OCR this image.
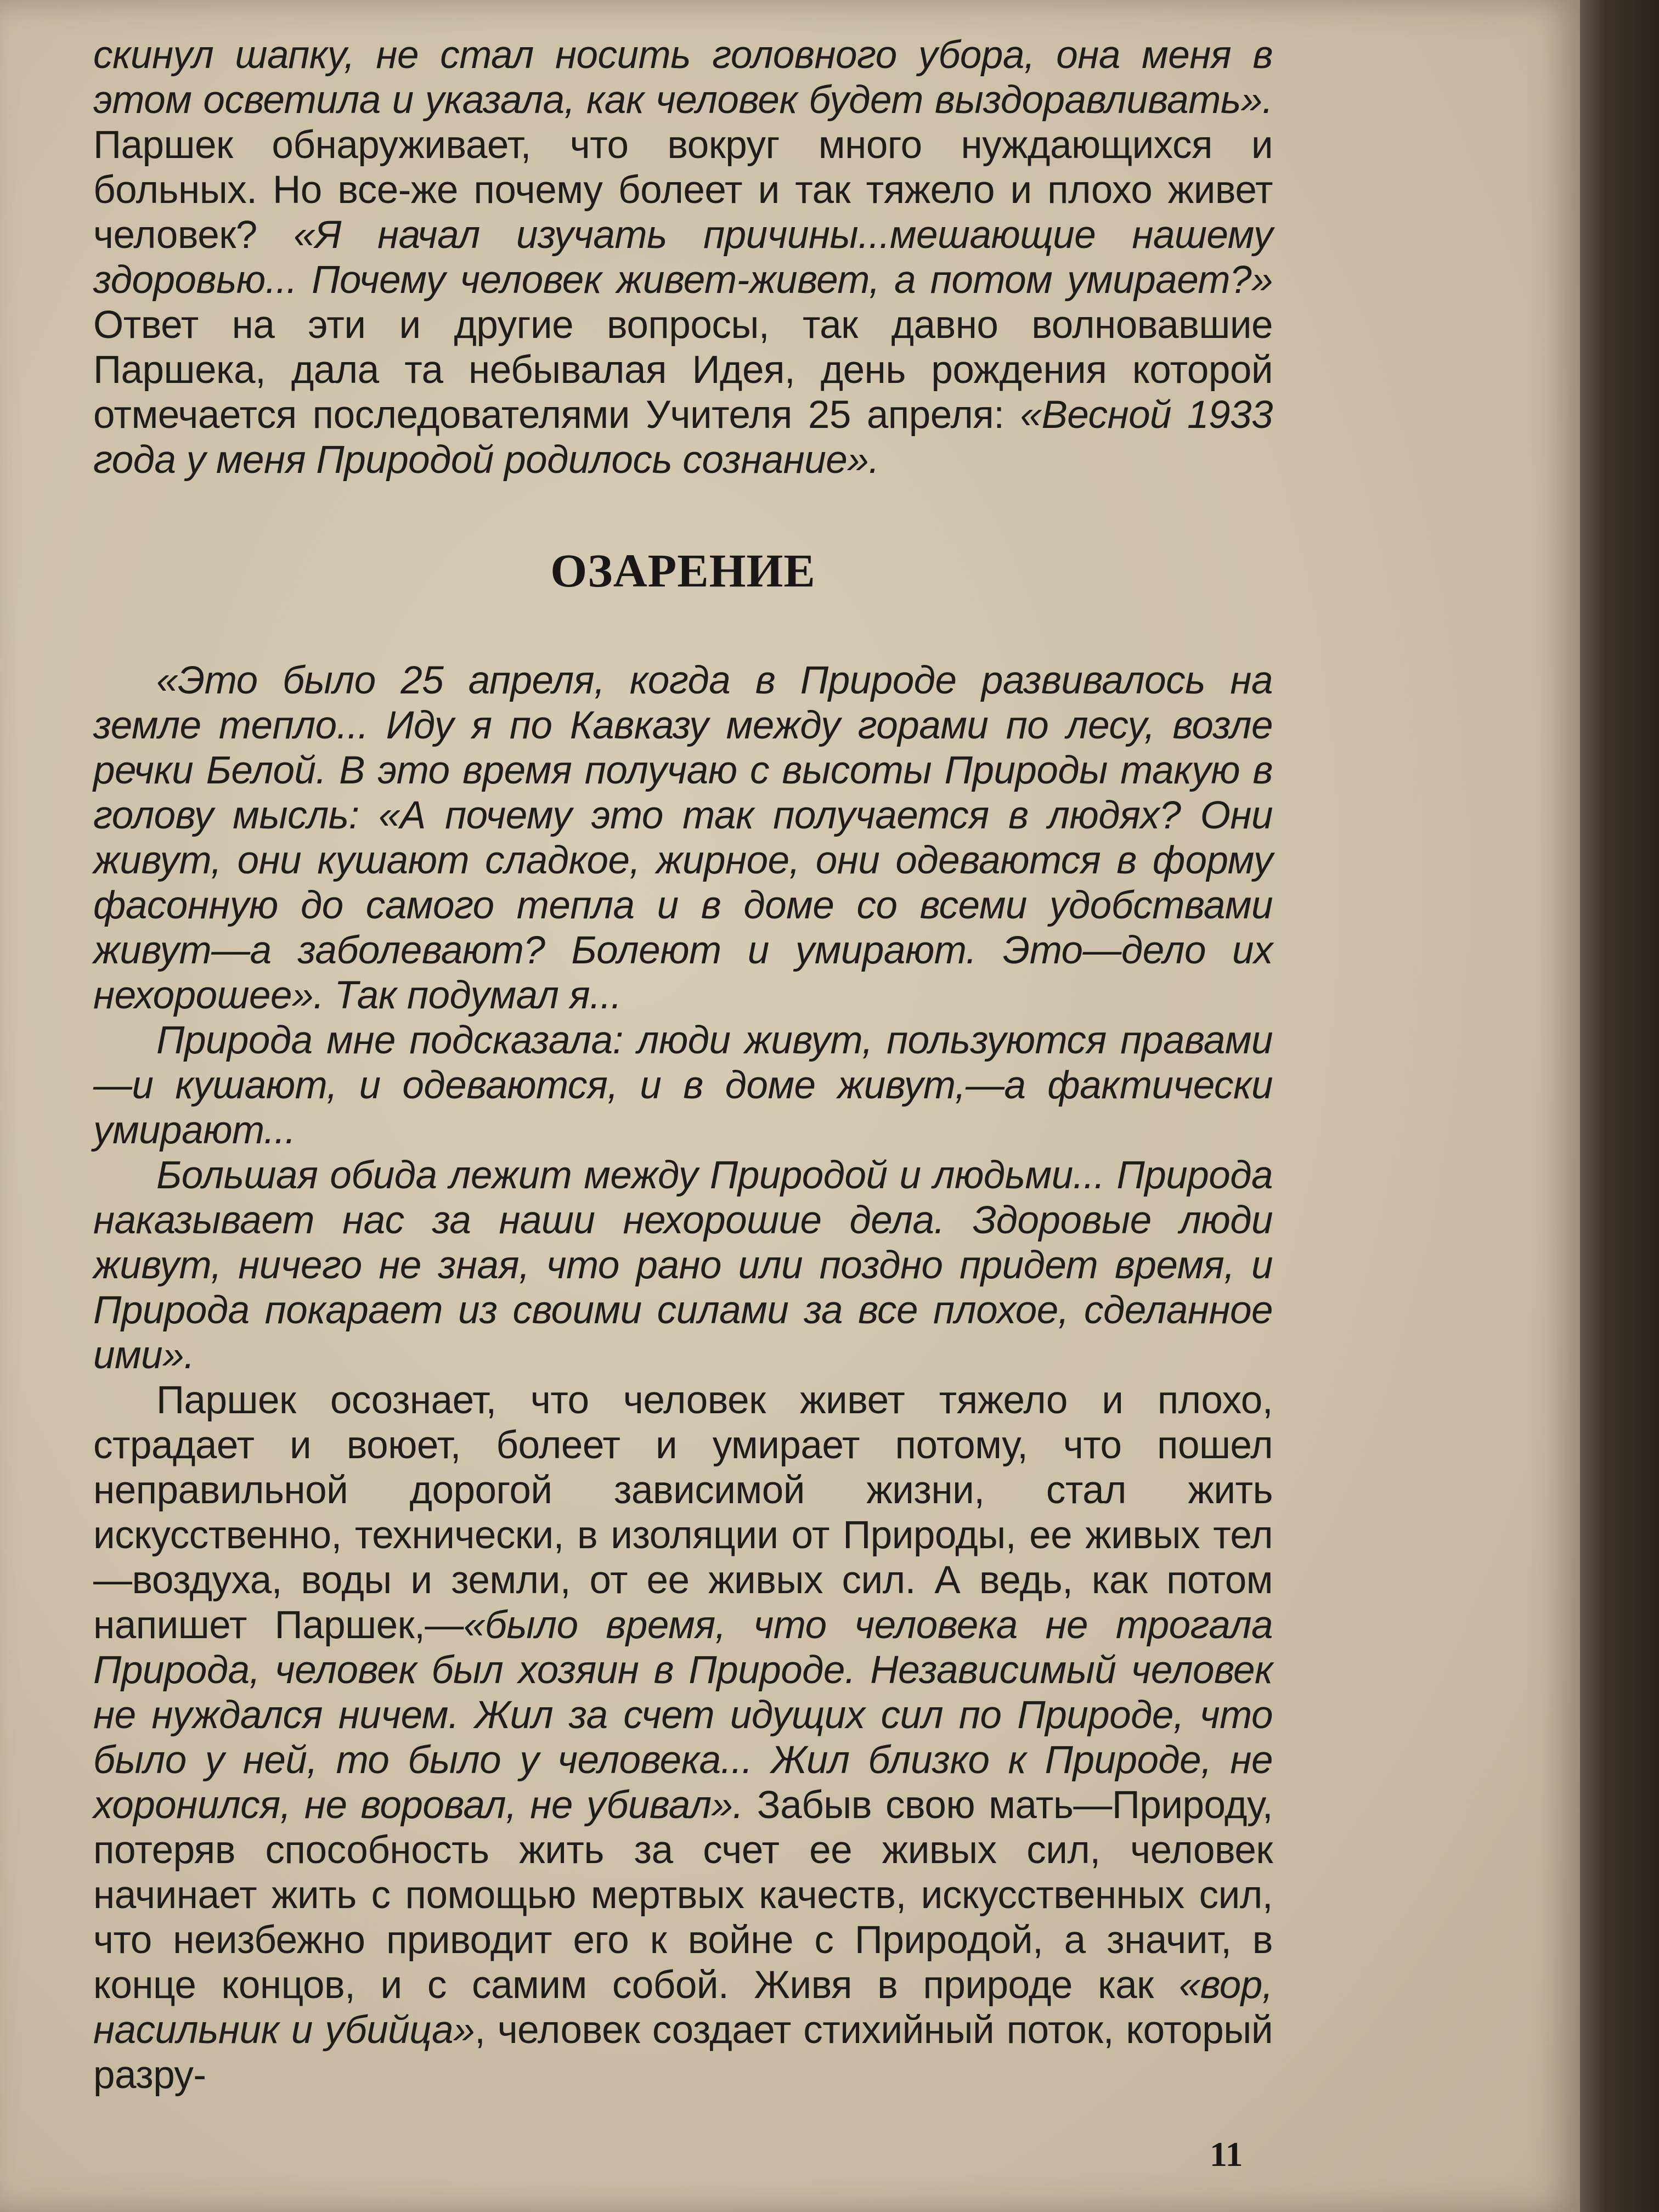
скинул шапку, не стал носить головного убора, она меня в этом осветила и указала, как человек будет выздоравливать». Паршек обнаруживает, что вокруг много нуждающихся и больных. Но все-же почему болеет и так тяжело и плохо живет человек? «Я начал изучать причины...мешающие нашему здоровью... Почему человек живет-живет, а потом умирает?» Ответ на эти и другие вопросы, так давно волновавшие Паршека, дала та небывалая Идея, день рождения которой отмечается последователями Учителя 25 апреля: «Весной 1933 года у меня Природой родилось сознание».

ОЗАРЕНИЕ

«Это было 25 апреля, когда в Природе развивалось на земле тепло... Иду я по Кавказу между горами по лесу, возле речки Белой. В это время получаю с высоты Природы такую в голову мысль: «А почему это так получается в людях? Они живут, они кушают сладкое, жирное, они одеваются в форму фасонную до самого тепла и в доме со всеми удобствами живут—а заболевают? Болеют и умирают. Это—дело их нехорошее». Так подумал я...

Природа мне подсказала: люди живут, пользуются правами—и кушают, и одеваются, и в доме живут,—а фактически умирают...

Большая обида лежит между Природой и людьми... Природа наказывает нас за наши нехорошие дела. Здоровые люди живут, ничего не зная, что рано или поздно придет время, и Природа покарает из своими силами за все плохое, сделанное ими».

Паршек осознает, что человек живет тяжело и плохо, страдает и воюет, болеет и умирает потому, что пошел неправильной дорогой зависимой жизни, стал жить искусственно, технически, в изоляции от Природы, ее живых тел—воздуха, воды и земли, от ее живых сил. А ведь, как потом напишет Паршек,—«было время, что человека не трогала Природа, человек был хозяин в Природе. Независимый человек не нуждался ничем. Жил за счет идущих сил по Природе, что было у ней, то было у человека... Жил близко к Природе, не хоронился, не воровал, не убивал». Забыв свою мать—Природу, потеряв способность жить за счет ее живых сил, человек начинает жить с помощью мертвых качеств, искусственных сил, что неизбежно приводит его к войне с Природой, а значит, в конце концов, и с самим собой. Живя в природе как «вор, насильник и убийца», человек создает стихийный поток, который разру-

11
